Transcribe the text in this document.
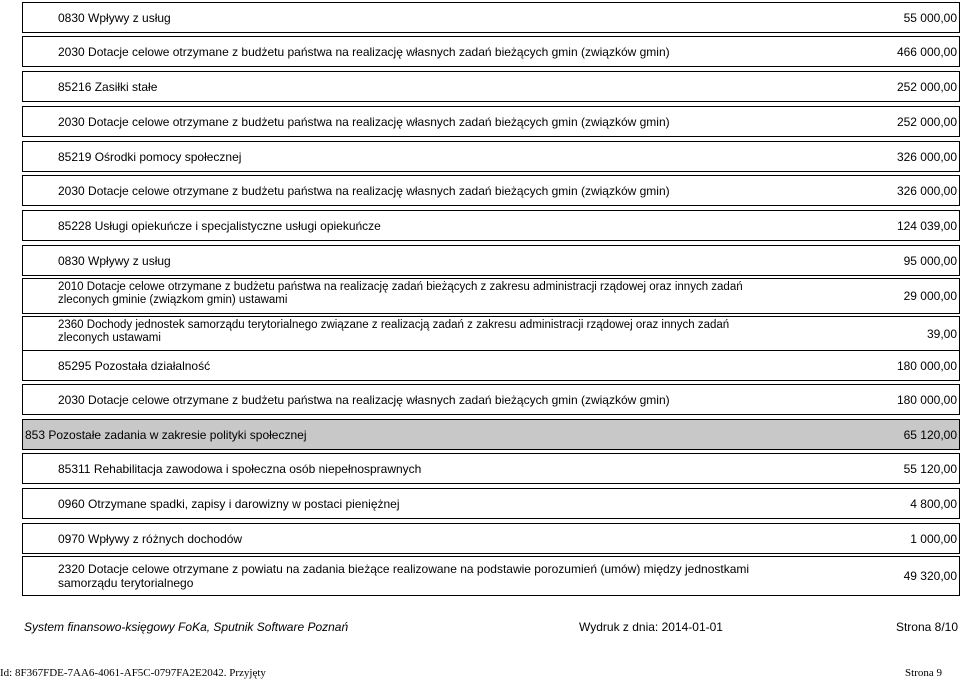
0830 Wpływy z usług	55 000,00
2030 Dotacje celowe otrzymane z budżetu państwa na realizację własnych zadań bieżących gmin (związków gmin)	466 000,00
85216 Zasiłki stałe	252 000,00
2030 Dotacje celowe otrzymane z budżetu państwa na realizację własnych zadań bieżących gmin (związków gmin)	252 000,00
85219 Ośrodki pomocy społecznej	326 000,00
2030 Dotacje celowe otrzymane z budżetu państwa na realizację własnych zadań bieżących gmin (związków gmin)	326 000,00
85228 Usługi opiekuńcze i specjalistyczne usługi opiekuńcze	124 039,00
0830 Wpływy z usług	95 000,00
2010 Dotacje celowe otrzymane z budżetu państwa na realizację zadań bieżących z zakresu administracji rządowej oraz innych zadań zleconych gminie (związkom gmin) ustawami	29 000,00
2360 Dochody jednostek samorządu terytorialnego związane z realizacją zadań z zakresu administracji rządowej oraz innych zadań zleconych ustawami	39,00
85295 Pozostała działalność	180 000,00
2030 Dotacje celowe otrzymane z budżetu państwa na realizację własnych zadań bieżących gmin (związków gmin)	180 000,00
853 Pozostałe zadania w zakresie polityki społecznej	65 120,00
85311 Rehabilitacja zawodowa i społeczna osób niepełnosprawnych	55 120,00
0960 Otrzymane spadki, zapisy i darowizny w postaci pieniężnej	4 800,00
0970 Wpływy z różnych dochodów	1 000,00
2320 Dotacje celowe otrzymane z powiatu na zadania bieżące realizowane na podstawie porozumień (umów) między jednostkami samorządu terytorialnego	49 320,00
System finansowo-księgowy FoKa, Sputnik Software Poznań	Wydruk z dnia: 2014-01-01	Strona 8/10
Id: 8F367FDE-7AA6-4061-AF5C-0797FA2E2042. Przyjęty	Strona 9
